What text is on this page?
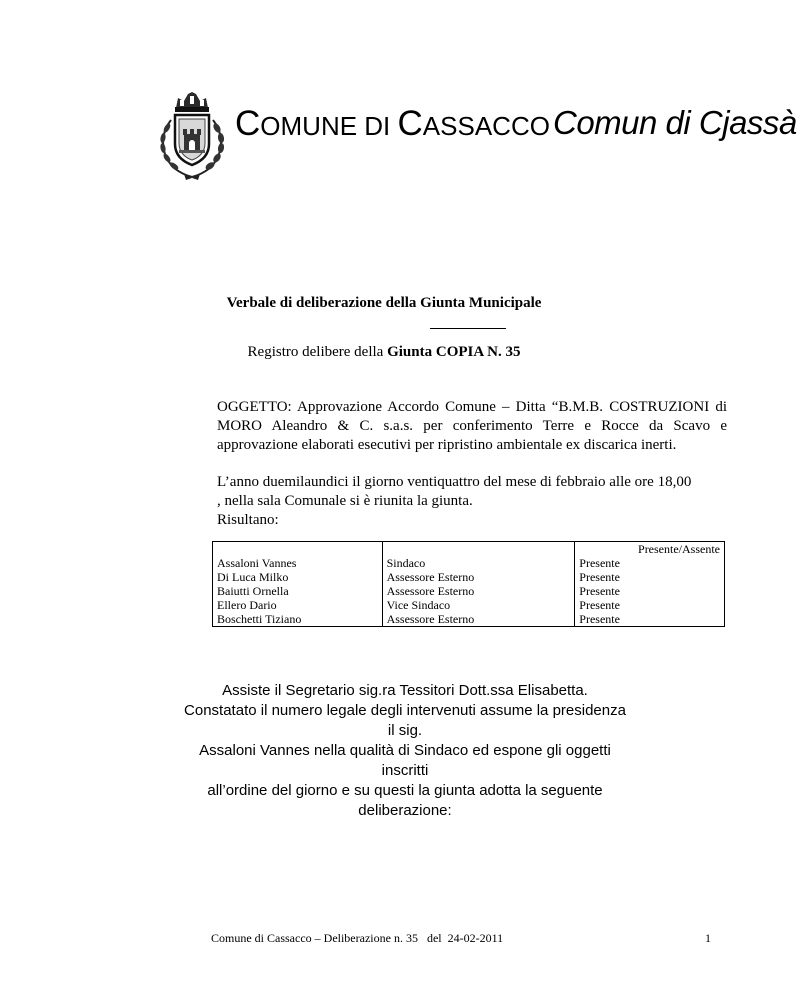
COMUNE DI CASSACCO Comun di Cjassà
Verbale di deliberazione della Giunta Municipale
Registro delibere della Giunta COPIA N. 35
OGGETTO: Approvazione Accordo Comune – Ditta “B.M.B. COSTRUZIONI di MORO Aleandro & C. s.a.s. per conferimento Terre e Rocce da Scavo e approvazione elaborati esecutivi per ripristino ambientale ex discarica inerti.
L’anno duemilaundici il giorno ventiquattro del mese di febbraio alle ore 18,00
, nella sala Comunale si è riunita la giunta.
Risultano:
		Presente/Assente
Assaloni Vannes	Sindaco	Presente
Di Luca Milko	Assessore Esterno	Presente
Baiutti Ornella	Assessore Esterno	Presente
Ellero Dario	Vice Sindaco	Presente
Boschetti Tiziano	Assessore Esterno	Presente
Assiste il Segretario sig.ra Tessitori Dott.ssa Elisabetta.
Constatato il numero legale degli intervenuti assume la presidenza il sig.
Assaloni Vannes nella qualità di Sindaco ed espone gli oggetti inscritti
all’ordine del giorno e su questi la giunta adotta la seguente deliberazione:
Comune di Cassacco – Deliberazione n. 35   del  24-02-2011	1
